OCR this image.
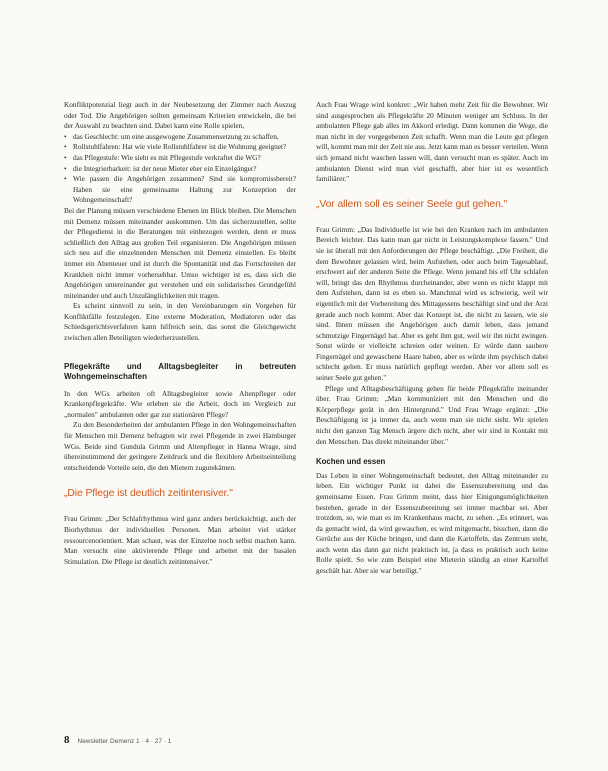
Konfliktpotenzial liegt auch in der Neubesetzung der Zimmer nach Auszug oder Tod. Die Angehörigen sollten gemeinsam Kriterien entwickeln, die bei der Auswahl zu beachten sind. Dabei kann eine Rolle spielen,

• das Geschlecht: um eine ausgewogene Zusammensetzung zu schaffen,
• Rollstuhlfahren: Hat wie viele Rollstuhlfahrer ist die Wohnung geeignet?
• das Pflegestufe: Wie sieht es mit Pflegestufe verkraftet die WG?
• die Integrierbarkeit: ist der neue Mieter eher ein Einzelgänger?
• Wie passen die Angehörigen zusammen? Sind sie kompromissbereit? Haben sie eine gemeinsame Haltung zur Konzeption der Wohngemeinschaft?

Bei der Planung müssen verschiedene Ebenen im Blick bleiben. Die Menschen mit Demenz müssen miteinander auskommen. Um das sicherzustellen, sollte der Pflegedienst in die Beratungen mit einbezogen werden, denn er muss schließlich den Alltag aus großen Teil organisieren. Die Angehörigen müssen sich neu auf die einzelnenden Menschen mit Demenz einstellen. Es bleibt immer ein Abenteuer und ist durch die Spontanität und das Fortschreiten der Krankheit nicht immer vorhersehbar. Umso wichtiger ist es, dass sich die Angehörigen untereinander gut verstehen und ein solidarisches Grundgefühl miteinander und auch Unzulänglichkeiten mit tragen.

Es scheint sinnvoll zu sein, in den Vereinbarungen ein Vorgehen für Konfliktfälle festzulegen. Eine externe Moderation, Mediatoren oder das Schiedsgerichtsverfahren kann hilfreich sein, das sonst die Gleichgewicht zwischen allen Beteiligten wiederherzustellen.

Pflegekräfte und Alltagsbegleiter in betreuten Wohngemeinschaften

In den WGs arbeiten oft Alltagsbegleiter sowie Altenpfleger oder Krankenpflegekräfte. Wie erleben sie die Arbeit, doch im Vergleich zur „normalen" ambulanten oder gar zur stationären Pflege?

Zu den Besonderheiten der ambulanten Pflege in den Wohngemeinschaften für Menschen mit Demenz befragten wir zwei Pflegende in zwei Hamburger WGs. Beide sind Gundula Grimm und Altenpfleger in Hanna Wrage, sind übereinstimmend der geringere Zeitdruck und die flexiblere Arbeitseinteilung entscheidende Vorteile sein, die den Mietern zugutekämen.

„Die Pflege ist deutlich zeitintensiver."

Frau Grimm: „Der Schlafrhythmus wird ganz anders berücksichtigt, auch der Biorhythmus der individuellen Personen. Man arbeitet viel stärker ressourcenorientiert. Man schaut, was der Einzelne noch selbst machen kann. Man versucht eine aktivierende Pflege und arbeitet mit der basalen Stimulation. Die Pflege ist deutlich zeitintensiver."

Auch Frau Wrage wird konkret: „Wir haben mehr Zeit für die Bewohner. Wir sind ausgesprochen als Pflegekräfte 20 Minuten weniger am Schluss. In der ambulanten Pflege gab alles im Akkord erledigt. Dann kommen die Wege, die man nicht in der vorgegebenen Zeit schafft. Wenn man die Leute gut pflegen will, kommt man mit der Zeit nie aus. Jetzt kann man es besser verteilen. Wenn sich jemand nicht waschen lassen will, dann versucht man es später. Auch im ambulanten Dienst wird man viel geschafft, aber hier ist es wesentlich familiärer."

„Vor allem soll es seiner Seele gut gehen."

Frau Grimm: „Das Individuelle ist wie bei den Kranken nach im ambulanten Bereich leichter. Das kann man gar nicht in Leistungskomplexe fassen." Und sie ist überall mit den Anforderungen der Pflege beschäftigt. „Die Freiheit, die dem Bewohner gelassen wird, beim Aufstehen, oder auch beim Tagesablauf, erschwert auf der anderen Seite die Pflege. Wenn jemand bis elf Uhr schlafen will, bringt das den Rhythmus durcheinander, aber wenn es nicht klappt mit dem Aufstehen, dann ist es eben so. Manchmal wird es schwierig, weil wir eigentlich mit der Vorbereitung des Mittagessens beschäftigt sind und der Arzt gerade auch noch kommt. Aber das Konzept ist, die nicht zu lassen, wie sie sind. Ihnen müssen die Angehörigen auch damit leben, dass jemand schmutzige Fingernägel hat. Aber es geht ihm gut, weil wir ihn nicht zwingen. Sonst würde er vielleicht schreien oder weinen. Er würde dann saubere Fingernägel und gewaschene Haare haben, aber es würde ihm psychisch dabei schlecht gehen. Er muss natürlich gepflegt werden. Aber vor allem soll es seiner Seele gut gehen."

Pflege und Alltagsbeschäftigung gehen für beide Pflegekräfte ineinander über. Frau Grimm: „Man kommuniziert mit den Menschen und die Körperpflege gerät in den Hintergrund." Und Frau Wrage ergänzt: „Die Beschäftigung ist ja immer da, auch wenn man sie nicht sieht. Wir spielen nicht den ganzen Tag Mensch ärgere dich nicht, aber wir sind in Kontakt mit den Menschen. Das direkt miteinander über."

Kochen und essen

Das Leben in einer Wohngemeinschaft bedeutet, den Alltag miteinander zu leben. Ein wichtiger Punkt ist dabei die Essenszubereitung und das gemeinsame Essen. Frau Grimm meint, dass hier Einigungsmöglichkeiten bestehen, gerade in der Essenszubereitung sei immer machbar sei. Aber trotzdem, so, wie man es im Krankenhaus macht, zu sehen. „Es erinnert, was da gemacht wird, da wird gewaschen, es wird mitgemacht, bisschen, dann die Gerüche aus der Küche bringen, und dann die Kartoffeln, das Zentrum steht, auch wenn das dann gar nicht praktisch ist, ja dass es praktisch auch keine Rolle spielt. So wie zum Beispiel eine Mieterin ständig an einer Kartoffel geschält hat. Aber sie war beteiligt."

8 Newsletter Demenz 1 · 4 · 27 · 1
